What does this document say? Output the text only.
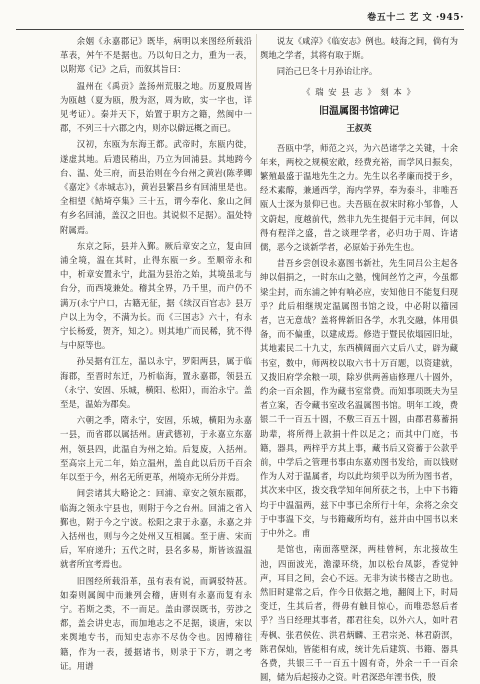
卷五十二 艺 文 ·945·

余姻《永嘉郡记》既毕，病明以来图经所载沿革表，舛午不是据也。乃以旬日之力，重为一表，以附郑《记》之后，而叙其旨曰：

温州在《禹贡》盖扬州荒服之地。历夏殷周皆为瓯越（夏为瓯，殷为沤，周为欧，实一字也，详见考证）。秦并天下，始置于职方之籍，然闽中一郡，不列三十六郡之内，则亦以僻远概之而已。

汉初，东瓯为东海王都。武帝时，东瓯内徙，遂虚其地。后遗民稍出，乃立为回浦县。其地跨今台、温、处三府，而县治则在今台州之黄岩(陈孝卿《嘉定》《赤城志》)，黄岩县繁昌乡有回浦里是也。全相望《鲒埼亭集》三十五，谓今奉化、象山之间有乡名回浦，盖汉之旧也。其说似不足据）。温处特附属焉。

东京之际，县并入鄞。厥后章安之立，复由回浦全境，温在其时，止得东瓯一乡。至顺帝永和中，析章安置永宁，此温为县治之始，其境虽北与台分，而西境兼处。稽其全界，乃千里，而户仍不满万(永宁户口，古籍无征，据《续汉百官志》县万户以上为令，不满为长。而《三国志》六十，有永宁长杨爱，贺齐，知之）。则其地广而民稀，犹不得与中原等也。

孙吴据有江左，温以永宁，罗阳两县，属于临海郡，至晋时东迁，乃析临海，置永嘉郡，领县五（永宁、安固、乐城，横阳、松阳），而治永宁。盖至是，温始为郡矣。

六朝之季，隋永宁，安固，乐城，横阳为永嘉一县，而省郡以属括州。唐武德初，于永嘉立东嘉州，领县四，此温自为州之始。后复废，入括州。至高宗上元二年，始立温州，盖自此以后历千百余年以至于今，州名无所更革，州境亦无所分并焉。

间尝诸其大略论之：回浦、章安之领东瓯郡，临海之领永宁县也，则附于今之台州。回浦之省入鄞也，附于今之宁波。松阳之隶于永嘉，永嘉之并入括州也，则与今之处州又互相属。至于唐、宋而后，军府递升；五代之时，县名多易，斯皆该温温就者所宜考焉也。

旧图经所载沿革，虽有表有说，而调驳特甚。如秦则属闽中而兼列会稽，唐则有永嘉而复有永宁。若斯之类，不一而足。盖由谬误既书，劳涉之都，盖会讲史志，而加地志之不足据，谈唐，宋以来舆地专书，而知史志亦不尽伪令也。因博稽往籍，作为一表，援据诸书，则录于下方，谓之考证。用谱

说友《咸淳》《临安志》例也。岐海之间，倘有为舆地之学者，其将有取于斯。

同治己巳冬十月孙诒让序。

《 瑞 安 县 志 》 刻 本 》
旧温属图书馆碑记
王叔英

吾瓯中学，师范之兴，为六邑诸学之关键，十余年来，两校之规模宏敞，经费充裕，而学风日振矣，繁殖最盛于温地先生之力。先生以名孝廉而授于乡，经术素醇，兼通西学，海内学界，奉为泰斗，非唯吾瓯人士深为景仰已也。夫吾瓯在叔宋时称小邹鲁，人文蔚起，度越前代，然非九先生提倡于元丰间，何以得有程洋之盛，昔之谈理学者，必归功于周、许诸儒，恶今之谈新学者，必原始于孙先生也。

昔吾乡尝创设永嘉图书新社，先生同吕公主起各绅以倡捐之，一时东山之塾，愧间丝竹之声，今虽都梁尘封，而东浦之钟有响必应，安知他日不能复归现乎？此后相继规定温属图书馆之设，中必附以籀园者，岂无意哉？盖将俾新旧各学，水乳交融，体用俱备，而不偏重，以建成焉。修造于暨民依塌园旧址，其地素民二十九丈，东西横阔面六丈后八丈，辟为藏书室，数中，师两校以取六书十万百题，以资建就，又拨旧府学余粮一项，除岁供两善庙修理八十圆外，约余一百余圆，作为藏书室常费。而知事项既夫为呈者立案，否令藏书室改名温属图书馆。明年工竣，费银二千一百五十圆，不敷三百五十圆，由郡君募蓄捐助辈，将所得上款捐十件以足之；而其中门庭，书籍，器具，两梓乎方其上事，藏书后又资蓄于公款乎前，中学后之管理书事由东嘉劝图书发给，而以钱财作为人对于温属者，均以此均须乎以为所为图书者，其次来中区，拨交我学知年间所获之书，上中下书籍均于中温温两，兹下中事已余所行十年，余将之余交于中事温下交，与书籍藏所均有，兹并由中国书以来于中外之。甫

是馆也，南面落壁深，两桂曾柯，东北接故生池，四面波光，澹濛环绕，加以松台凤影，香觉钟声，耳目之间，会心不远。无非为读书楼吉之助也。然旧时建常之后，作今日依据之地，翻阅上下，时局变迁，生其后者，得毋有触目惊心，而唯恐怒后者乎？当日经理其事者，郡君往矣，以外六人，如叶君寿枫、张君侯佐、洪君炳麟、王君宗尧、林君蔚溟，陈君保灿，皆能相有成，统计先后建筑、书籍、器具各费，共银三千一百五十圆有奇，外余一千一百余圆，储为后起接办之资。叶君深恐年湮书佚，殷
